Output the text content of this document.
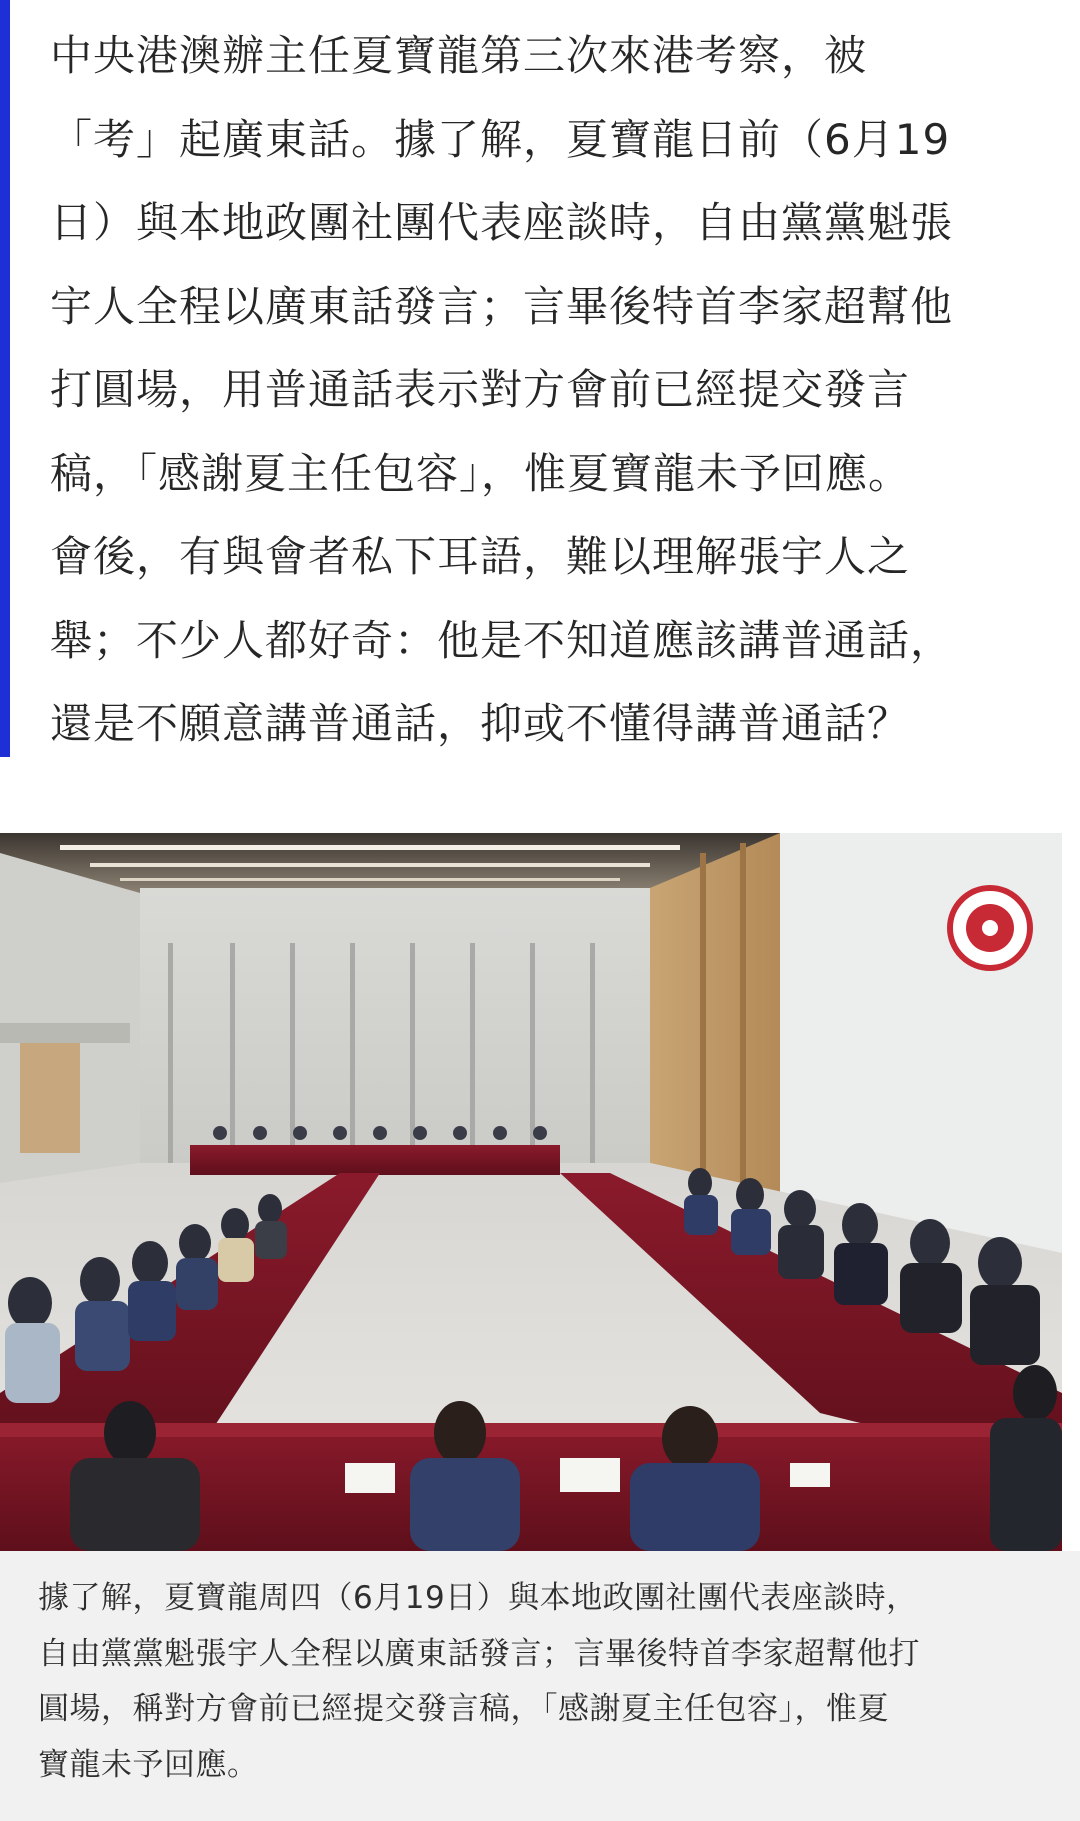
中央港澳辦主任夏寶龍第三次來港考察，被
「考」起廣東話。據了解，夏寶龍日前（6月19
日）與本地政團社團代表座談時，自由黨黨魁張
宇人全程以廣東話發言；言畢後特首李家超幫他
打圓場，用普通話表示對方會前已經提交發言
稿，「感謝夏主任包容」，惟夏寶龍未予回應。
會後，有與會者私下耳語，難以理解張宇人之
舉；不少人都好奇：他是不知道應該講普通話，
還是不願意講普通話，抑或不懂得講普通話？

據了解，夏寶龍周四（6月19日）與本地政團社團代表座談時，
自由黨黨魁張宇人全程以廣東話發言；言畢後特首李家超幫他打
圓場，稱對方會前已經提交發言稿，「感謝夏主任包容」，惟夏
寶龍未予回應。
